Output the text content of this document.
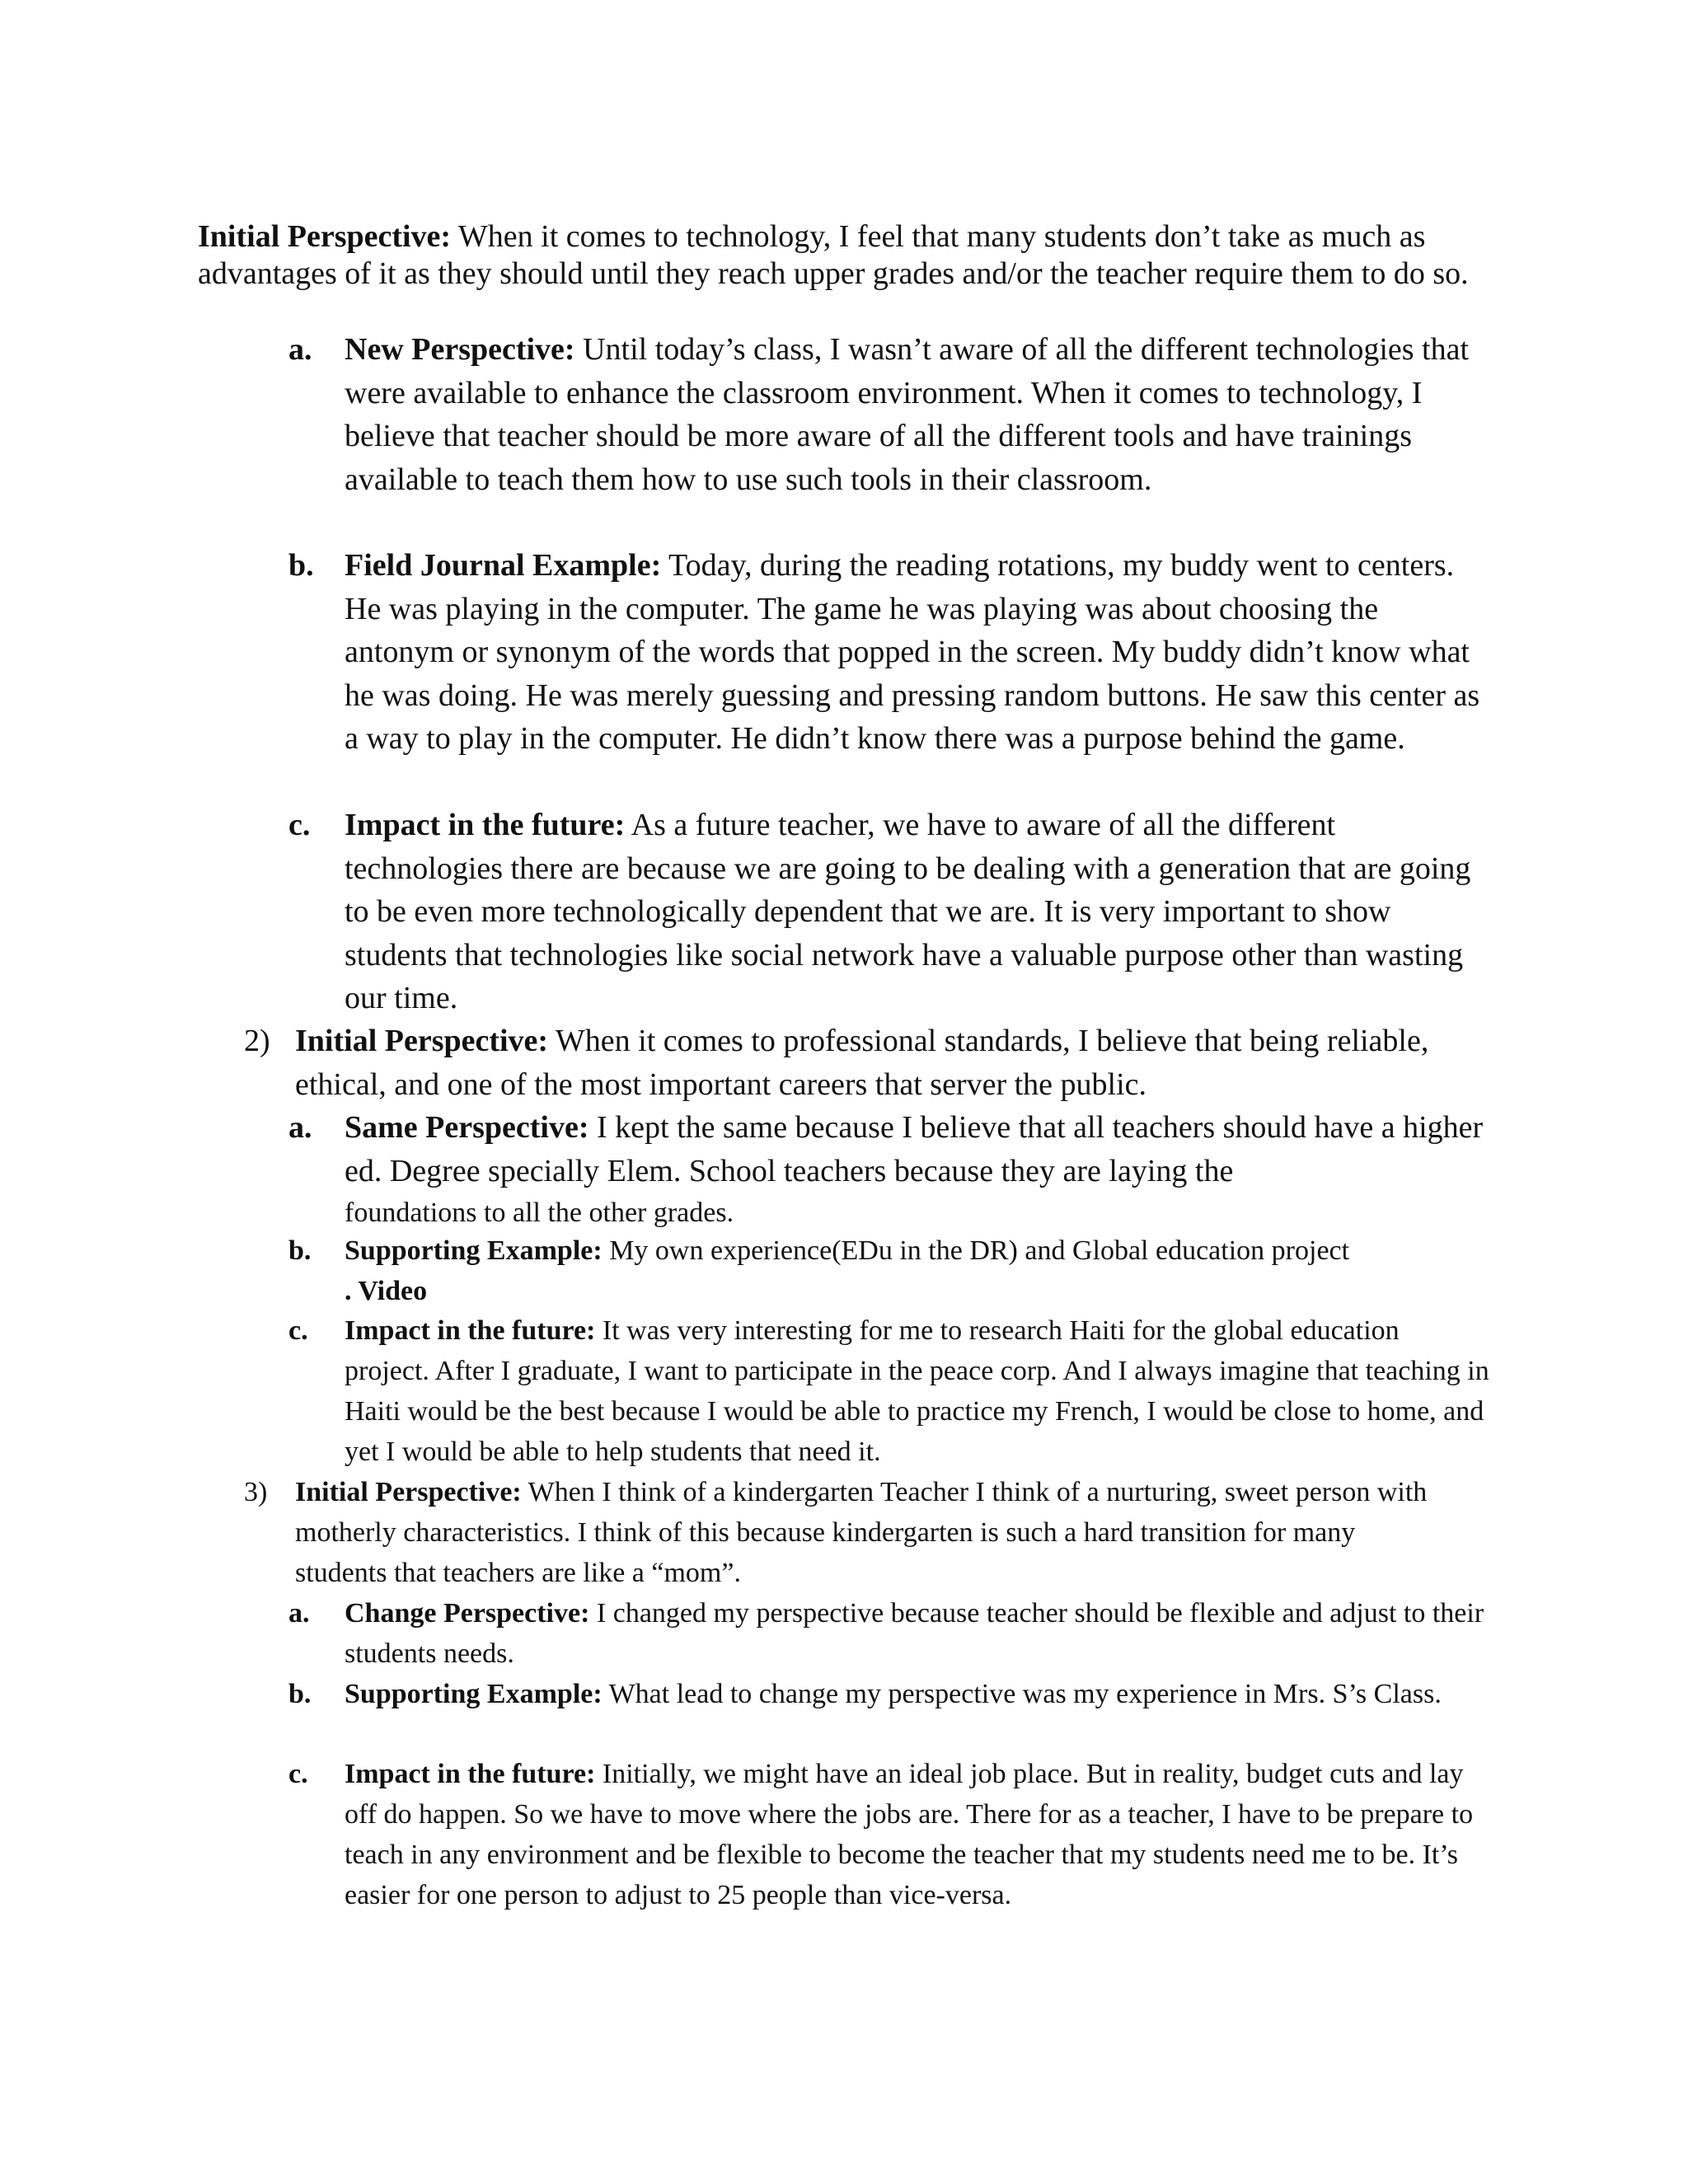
Initial Perspective: When it comes to technology, I feel that many students don’t take as much as advantages of it as they should until they reach upper grades and/or the teacher require them to do so.

a. New Perspective: Until today’s class, I wasn’t aware of all the different technologies that were available to enhance the classroom environment. When it comes to technology, I believe that teacher should be more aware of all the different tools and have trainings available to teach them how to use such tools in their classroom.
b. Field Journal Example: Today, during the reading rotations, my buddy went to centers. He was playing in the computer. The game he was playing was about choosing the antonym or synonym of the words that popped in the screen. My buddy didn’t know what he was doing. He was merely guessing and pressing random buttons. He saw this center as a way to play in the computer. He didn’t know there was a purpose behind the game.
c. Impact in the future: As a future teacher, we have to aware of all the different technologies there are because we are going to be dealing with a generation that are going to be even more technologically dependent that we are. It is very important to show students that technologies like social network have a valuable purpose other than wasting our time.
2) Initial Perspective: When it comes to professional standards, I believe that being reliable, ethical, and one of the most important careers that server the public.
a. Same Perspective: I kept the same because I believe that all teachers should have a higher ed. Degree specially Elem. School teachers because they are laying the
foundations to all the other grades.
b. Supporting Example: My own experience(EDu in the DR) and Global education project
. Video
c. Impact in the future: It was very interesting for me to research Haiti for the global education project. After I graduate, I want to participate in the peace corp. And I always imagine that teaching in Haiti would be the best because I would be able to practice my French, I would be close to home, and yet I would be able to help students that need it.
3) Initial Perspective: When I think of a kindergarten Teacher I think of a nurturing, sweet person with motherly characteristics. I think of this because kindergarten is such a hard transition for many students that teachers are like a “mom”.
a. Change Perspective: I changed my perspective because teacher should be flexible and adjust to their students needs.
b. Supporting Example: What lead to change my perspective was my experience in Mrs. S’s Class.
c. Impact in the future: Initially, we might have an ideal job place. But in reality, budget cuts and lay off do happen. So we have to move where the jobs are. There for as a teacher, I have to be prepare to teach in any environment and be flexible to become the teacher that my students need me to be. It’s easier for one person to adjust to 25 people than vice-versa.
